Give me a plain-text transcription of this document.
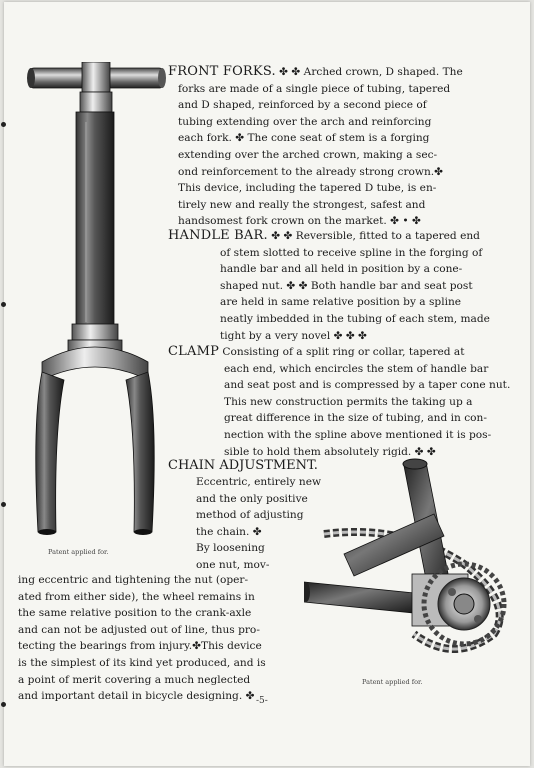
Patent applied for.
FRONT FORKS. ✤ ✤ Arched crown, D shaped. The
forks are made of a single piece of tubing, tapered
and D shaped, reinforced by a second piece of
tubing extending over the arch and reinforcing
each fork. ✤ The cone seat of stem is a forging
extending over the arched crown, making a sec-
ond reinforcement to the already strong crown.✤
This device, including the tapered D tube, is en-
tirely new and really the strongest, safest and
handsomest fork crown on the market. ✤ • ✤
HANDLE BAR. ✤ ✤ Reversible, fitted to a tapered end
of stem slotted to receive spline in the forging of
handle bar and all held in position by a cone-
shaped nut. ✤ ✤ Both handle bar and seat post
are held in same relative position by a spline
neatly imbedded in the tubing of each stem, made
tight by a very novel ✤ ✤ ✤
CLAMP Consisting of a split ring or collar, tapered at
each end, which encircles the stem of handle bar
and seat post and is compressed by a taper cone nut.
This new construction permits the taking up a
great difference in the size of tubing, and in con-
nection with the spline above mentioned it is pos-
sible to hold them absolutely rigid. ✤ ✤
CHAIN ADJUSTMENT.
Eccentric, entirely new
and the only positive
method of adjusting
the chain. ✤
By loosening
one nut, mov-
ing eccentric and tightening the nut (oper-
ated from either side), the wheel remains in
the same relative position to the crank-axle
and can not be adjusted out of line, thus pro-
tecting the bearings from injury.✤This device
is the simplest of its kind yet produced, and is
a point of merit covering a much neglected
and important detail in bicycle designing. ✤
Patent applied for.
-5-
